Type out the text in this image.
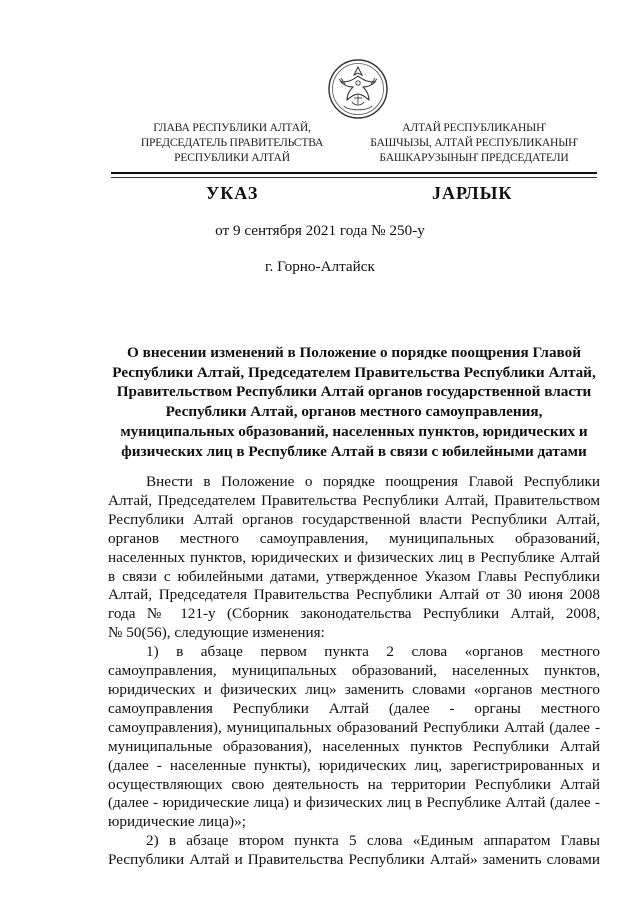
ГЛАВА РЕСПУБЛИКИ АЛТАЙ,
ПРЕДСЕДАТЕЛЬ ПРАВИТЕЛЬСТВА
РЕСПУБЛИКИ АЛТАЙ
АЛТАЙ РЕСПУБЛИКАНЫҤ
БАШЧЫЗЫ, АЛТАЙ РЕСПУБЛИКАНЫҤ
БАШКАРУЗЫНЫҤ ПРЕДСЕДАТЕЛИ
УКАЗ	ЈАРЛЫК
от 9 сентября 2021 года № 250-у
г. Горно-Алтайск
О внесении изменений в Положение о порядке поощрения Главой
Республики Алтай, Председателем Правительства Республики Алтай,
Правительством Республики Алтай органов государственной власти
Республики Алтай, органов местного самоуправления,
муниципальных образований, населенных пунктов, юридических и
физических лиц в Республике Алтай в связи с юбилейными датами
Внести в Положение о порядке поощрения Главой Республики
Алтай, Председателем Правительства Республики Алтай, Правительством
Республики Алтай органов государственной власти Республики Алтай,
органов местного самоуправления, муниципальных образований,
населенных пунктов, юридических и физических лиц в Республике Алтай
в связи с юбилейными датами, утвержденное Указом Главы Республики
Алтай, Председателя Правительства Республики Алтай от 30 июня 2008
года № 121-у (Сборник законодательства Республики Алтай, 2008,
№ 50(56), следующие изменения:
1) в абзаце первом пункта 2 слова «органов местного
самоуправления, муниципальных образований, населенных пунктов,
юридических и физических лиц» заменить словами «органов местного
самоуправления Республики Алтай (далее - органы местного
самоуправления), муниципальных образований Республики Алтай (далее -
муниципальные образования), населенных пунктов Республики Алтай
(далее - населенные пункты), юридических лиц, зарегистрированных и
осуществляющих свою деятельность на территории Республики Алтай
(далее - юридические лица) и физических лиц в Республике Алтай (далее -
юридические лица)»;
2) в абзаце втором пункта 5 слова «Единым аппаратом Главы
Республики Алтай и Правительства Республики Алтай» заменить словами
